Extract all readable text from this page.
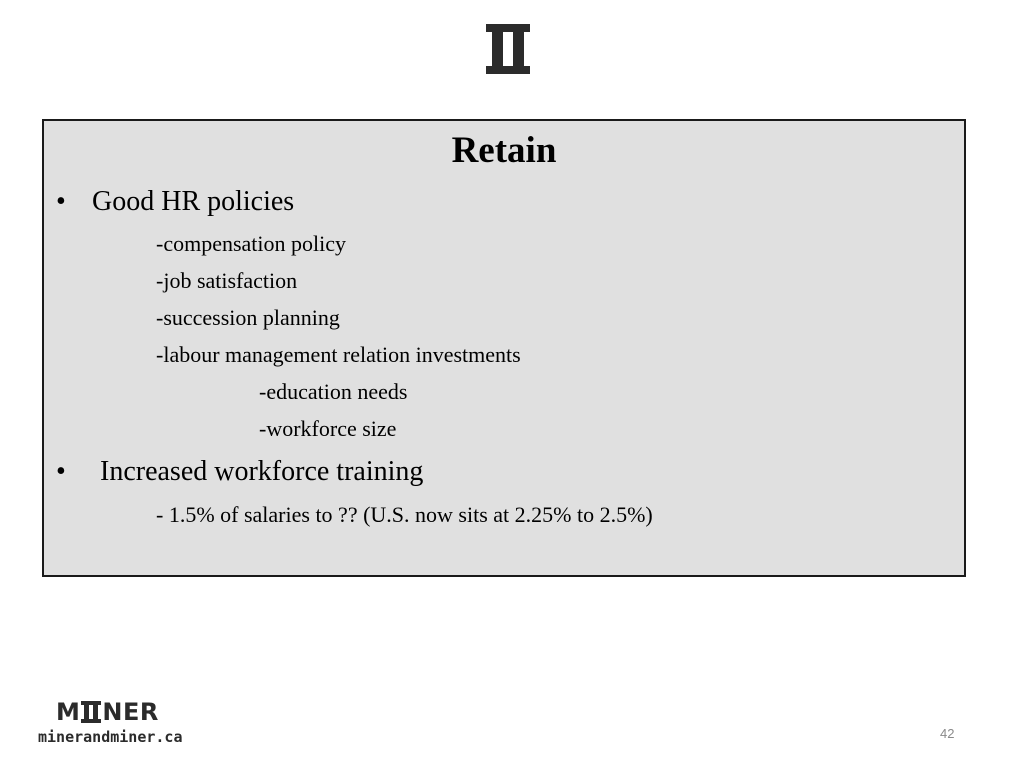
Retain
• Good HR policies
-compensation policy
-job satisfaction
-succession planning
-labour management relation investments
-education needs
-workforce size
• Increased workforce training
- 1.5% of salaries to ?? (U.S. now sits at 2.25% to 2.5%)
M NER
minerandminer.ca	42
